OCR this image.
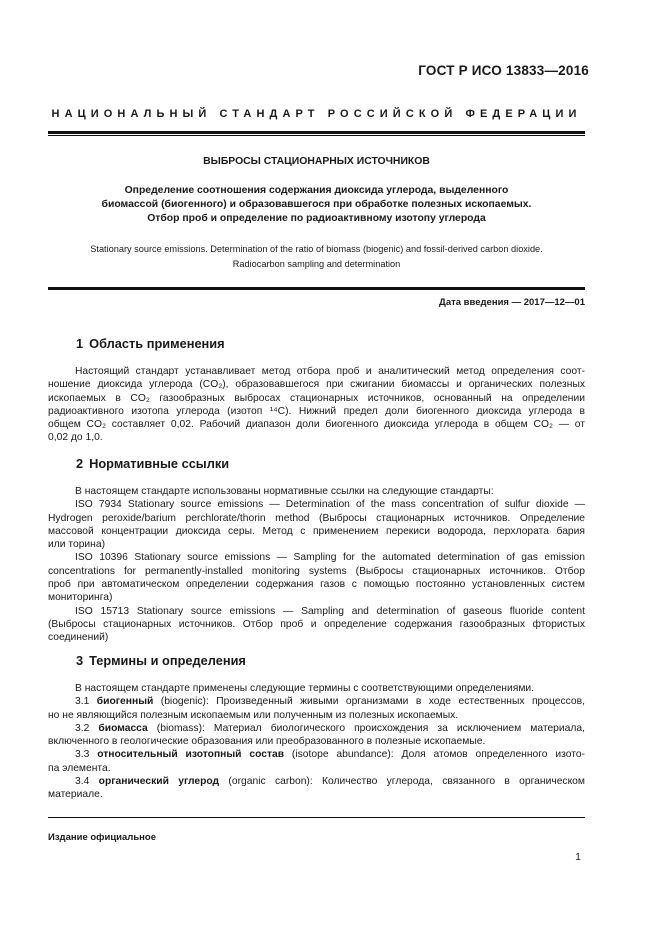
ГОСТ Р ИСО 13833—2016
НАЦИОНАЛЬНЫЙ СТАНДАРТ РОССИЙСКОЙ ФЕДЕРАЦИИ
ВЫБРОСЫ СТАЦИОНАРНЫХ ИСТОЧНИКОВ
Определение соотношения содержания диоксида углерода, выделенного
биомассой (биогенного) и образовавшегося при обработке полезных ископаемых.
Отбор проб и определение по радиоактивному изотопу углерода
Stationary source emissions. Determination of the ratio of biomass (biogenic) and fossil-derived carbon dioxide.
Radiocarbon sampling and determination
Дата введения — 2017—12—01
1 Область применения
Настоящий стандарт устанавливает метод отбора проб и аналитический метод определения соот-
ношение диоксида углерода (CO₂), образовавшегося при сжигании биомассы и органических полезных
ископаемых в CO₂ газообразных выбросах стационарных источников, основанный на определении
радиоактивного изотопа углерода (изотоп ¹⁴C). Нижний предел доли биогенного диоксида углерода в
общем CO₂ составляет 0,02. Рабочий диапазон доли биогенного диоксида углерода в общем CO₂ — от
0,02 до 1,0.
2 Нормативные ссылки
В настоящем стандарте использованы нормативные ссылки на следующие стандарты:
ISO 7934 Stationary source emissions — Determination of the mass concentration of sulfur dioxide —
Hydrogen peroxide/barium perchlorate/thorin method (Выбросы стационарных источников. Определение
массовой концентрации диоксида серы. Метод с применением перекиси водорода, перхлората бария
или торина)
ISO 10396 Stationary source emissions — Sampling for the automated determination of gas emission
concentrations for permanently-installed monitoring systems (Выбросы стационарных источников. Отбор
проб при автоматическом определении содержания газов с помощью постоянно установленных систем
мониторинга)
ISO 15713 Stationary source emissions — Sampling and determination of gaseous fluoride content
(Выбросы стационарных источников. Отбор проб и определение содержания газообразных фтористых
соединений)
3 Термины и определения
В настоящем стандарте применены следующие термины с соответствующими определениями.
3.1 биогенный (biogenic): Произведенный живыми организмами в ходе естественных процессов,
но не являющийся полезным ископаемым или полученным из полезных ископаемых.
3.2 биомасса (biomass): Материал биологического происхождения за исключением материала,
включенного в геологические образования или преобразованного в полезные ископаемые.
3.3 относительный изотопный состав (isotope abundance): Доля атомов определенного изото-
па элемента.
3.4 органический углерод (organic carbon): Количество углерода, связанного в органическом
материале.
Издание официальное
1
